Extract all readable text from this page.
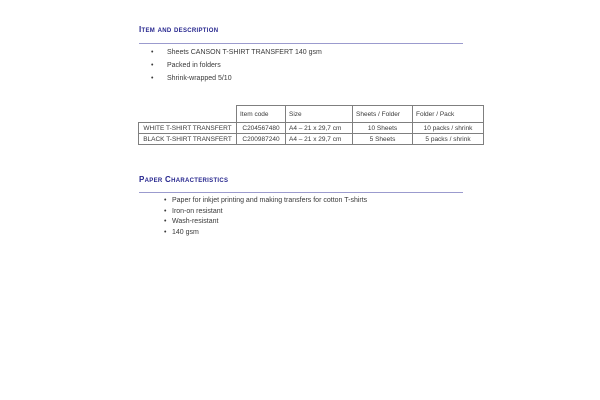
Item and description
•	Sheets CANSON T-SHIRT TRANSFERT 140 gsm
•	Packed in folders
•	Shrink-wrapped 5/10
	Item code	Size	Sheets / Folder	Folder / Pack
WHITE T-SHIRT TRANSFERT	C204567480	A4 – 21 x 29,7 cm	10 Sheets	10 packs / shrink
BLACK T-SHIRT TRANSFERT	C200987240	A4 – 21 x 29,7 cm	5 Sheets	5 packs / shrink
Paper Characteristics
• Paper for inkjet printing and making transfers for cotton T-shirts
• Iron-on resistant
• Wash-resistant
• 140 gsm
